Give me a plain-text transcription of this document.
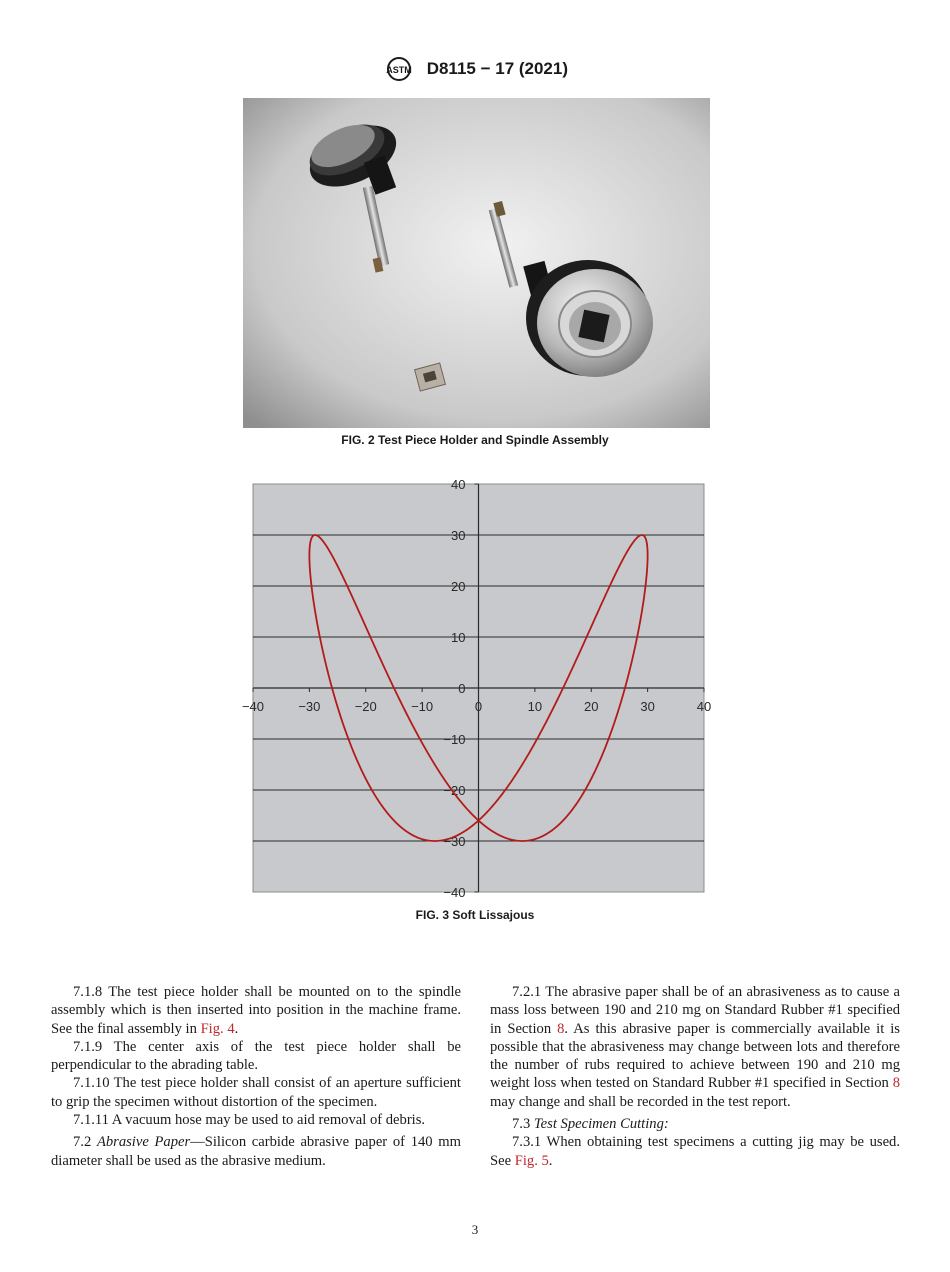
ASTM D8115 − 17 (2021)
FIG. 2 Test Piece Holder and Spindle Assembly
40
30
20
10
0
−10
−20
−30
−40
−40	−30	−20	−10	0	10	20	30	40
FIG. 3 Soft Lissajous

7.1.8 The test piece holder shall be mounted on to the spindle assembly which is then inserted into position in the machine frame. See the final assembly in Fig. 4.

7.1.9 The center axis of the test piece holder shall be perpendicular to the abrading table.

7.1.10 The test piece holder shall consist of an aperture sufficient to grip the specimen without distortion of the specimen.

7.1.11 A vacuum hose may be used to aid removal of debris.

7.2 Abrasive Paper—Silicon carbide abrasive paper of 140 mm diameter shall be used as the abrasive medium.

7.2.1 The abrasive paper shall be of an abrasiveness as to cause a mass loss between 190 and 210 mg on Standard Rubber #1 specified in Section 8. As this abrasive paper is commercially available it is possible that the abrasiveness may change between lots and therefore the number of rubs required to achieve between 190 and 210 mg weight loss when tested on Standard Rubber #1 specified in Section 8 may change and shall be recorded in the test report.

7.3 Test Specimen Cutting:

7.3.1 When obtaining test specimens a cutting jig may be used. See Fig. 5.

3
